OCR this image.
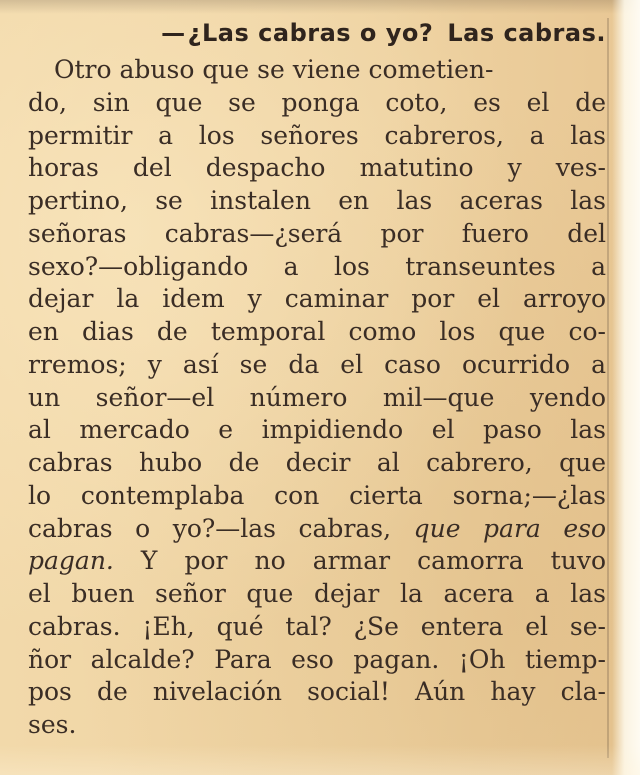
—¿Las cabras o yo? Las cabras.
Otro abuso que se viene cometien-
do, sin que se ponga coto, es el de
permitir a los señores cabreros, a las
horas del despacho matutino y ves-
pertino, se instalen en las aceras las
señoras cabras—¿será por fuero del
sexo?—obligando a los transeuntes a
dejar la idem y caminar por el arroyo
en dias de temporal como los que co-
rremos; y así se da el caso ocurrido a
un señor—el número mil—que yendo
al mercado e impidiendo el paso las
cabras hubo de decir al cabrero, que
lo contemplaba con cierta sorna;—¿las
cabras o yo?—las cabras, que para eso
pagan. Y por no armar camorra tuvo
el buen señor que dejar la acera a las
cabras. ¡Eh, qué tal? ¿Se entera el se-
ñor alcalde? Para eso pagan. ¡Oh tiemp-
pos de nivelación social! Aún hay cla-
ses.
